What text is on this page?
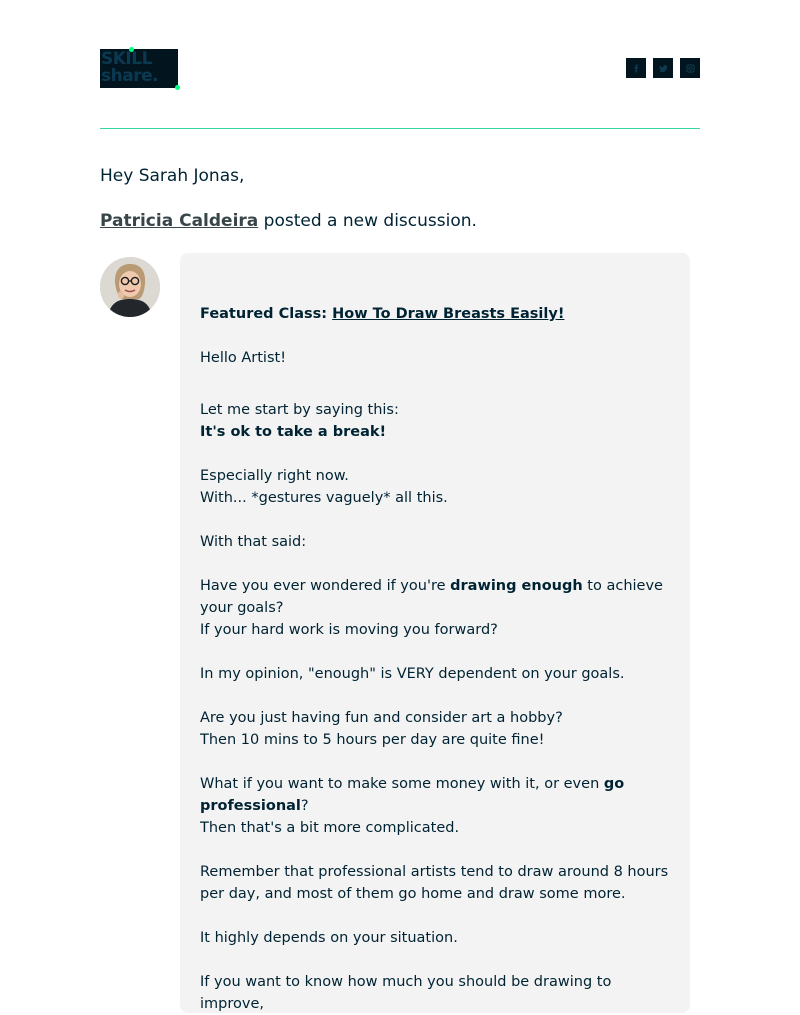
SKILL
share.
Hey Sarah Jonas,
Patricia Caldeira posted a new discussion.

Featured Class: How To Draw Breasts Easily!

Hello Artist!

Let me start by saying this:

It's ok to take a break!

Especially right now.

With... *gestures vaguely* all this.

With that said:

Have you ever wondered if you're drawing enough to achieve your goals?

If your hard work is moving you forward?

In my opinion, "enough" is VERY dependent on your goals.

Are you just having fun and consider art a hobby?

Then 10 mins to 5 hours per day are quite fine!

What if you want to make some money with it, or even go professional?

Then that's a bit more complicated.

Remember that professional artists tend to draw around 8 hours per day, and most of them go home and draw some more.

It highly depends on your situation.

If you want to know how much you should be drawing to improve,
